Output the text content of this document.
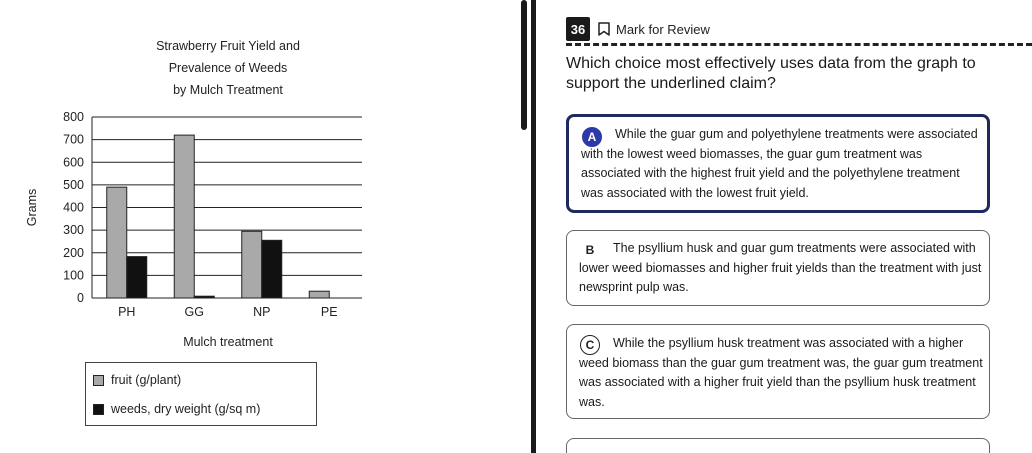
Strawberry Fruit Yield and
Prevalence of Weeds
by Mulch Treatment
0
100
200
300
400
500
600
700
800
Grams
PH	GG	NP	PE
Mulch treatment
fruit (g/plant)
weeds, dry weight (g/sq m)
36	Mark for Review
Which choice most effectively uses data from the graph to support the underlined claim?
A	While the guar gum and polyethylene treatments were associated with the lowest weed biomasses, the guar gum treatment was associated with the highest fruit yield and the polyethylene treatment was associated with the lowest fruit yield.
B	The psyllium husk and guar gum treatments were associated with lower weed biomasses and higher fruit yields than the treatment with just newsprint pulp was.
C	While the psyllium husk treatment was associated with a higher weed biomass than the guar gum treatment was, the guar gum treatment was associated with a higher fruit yield than the psyllium husk treatment was.
